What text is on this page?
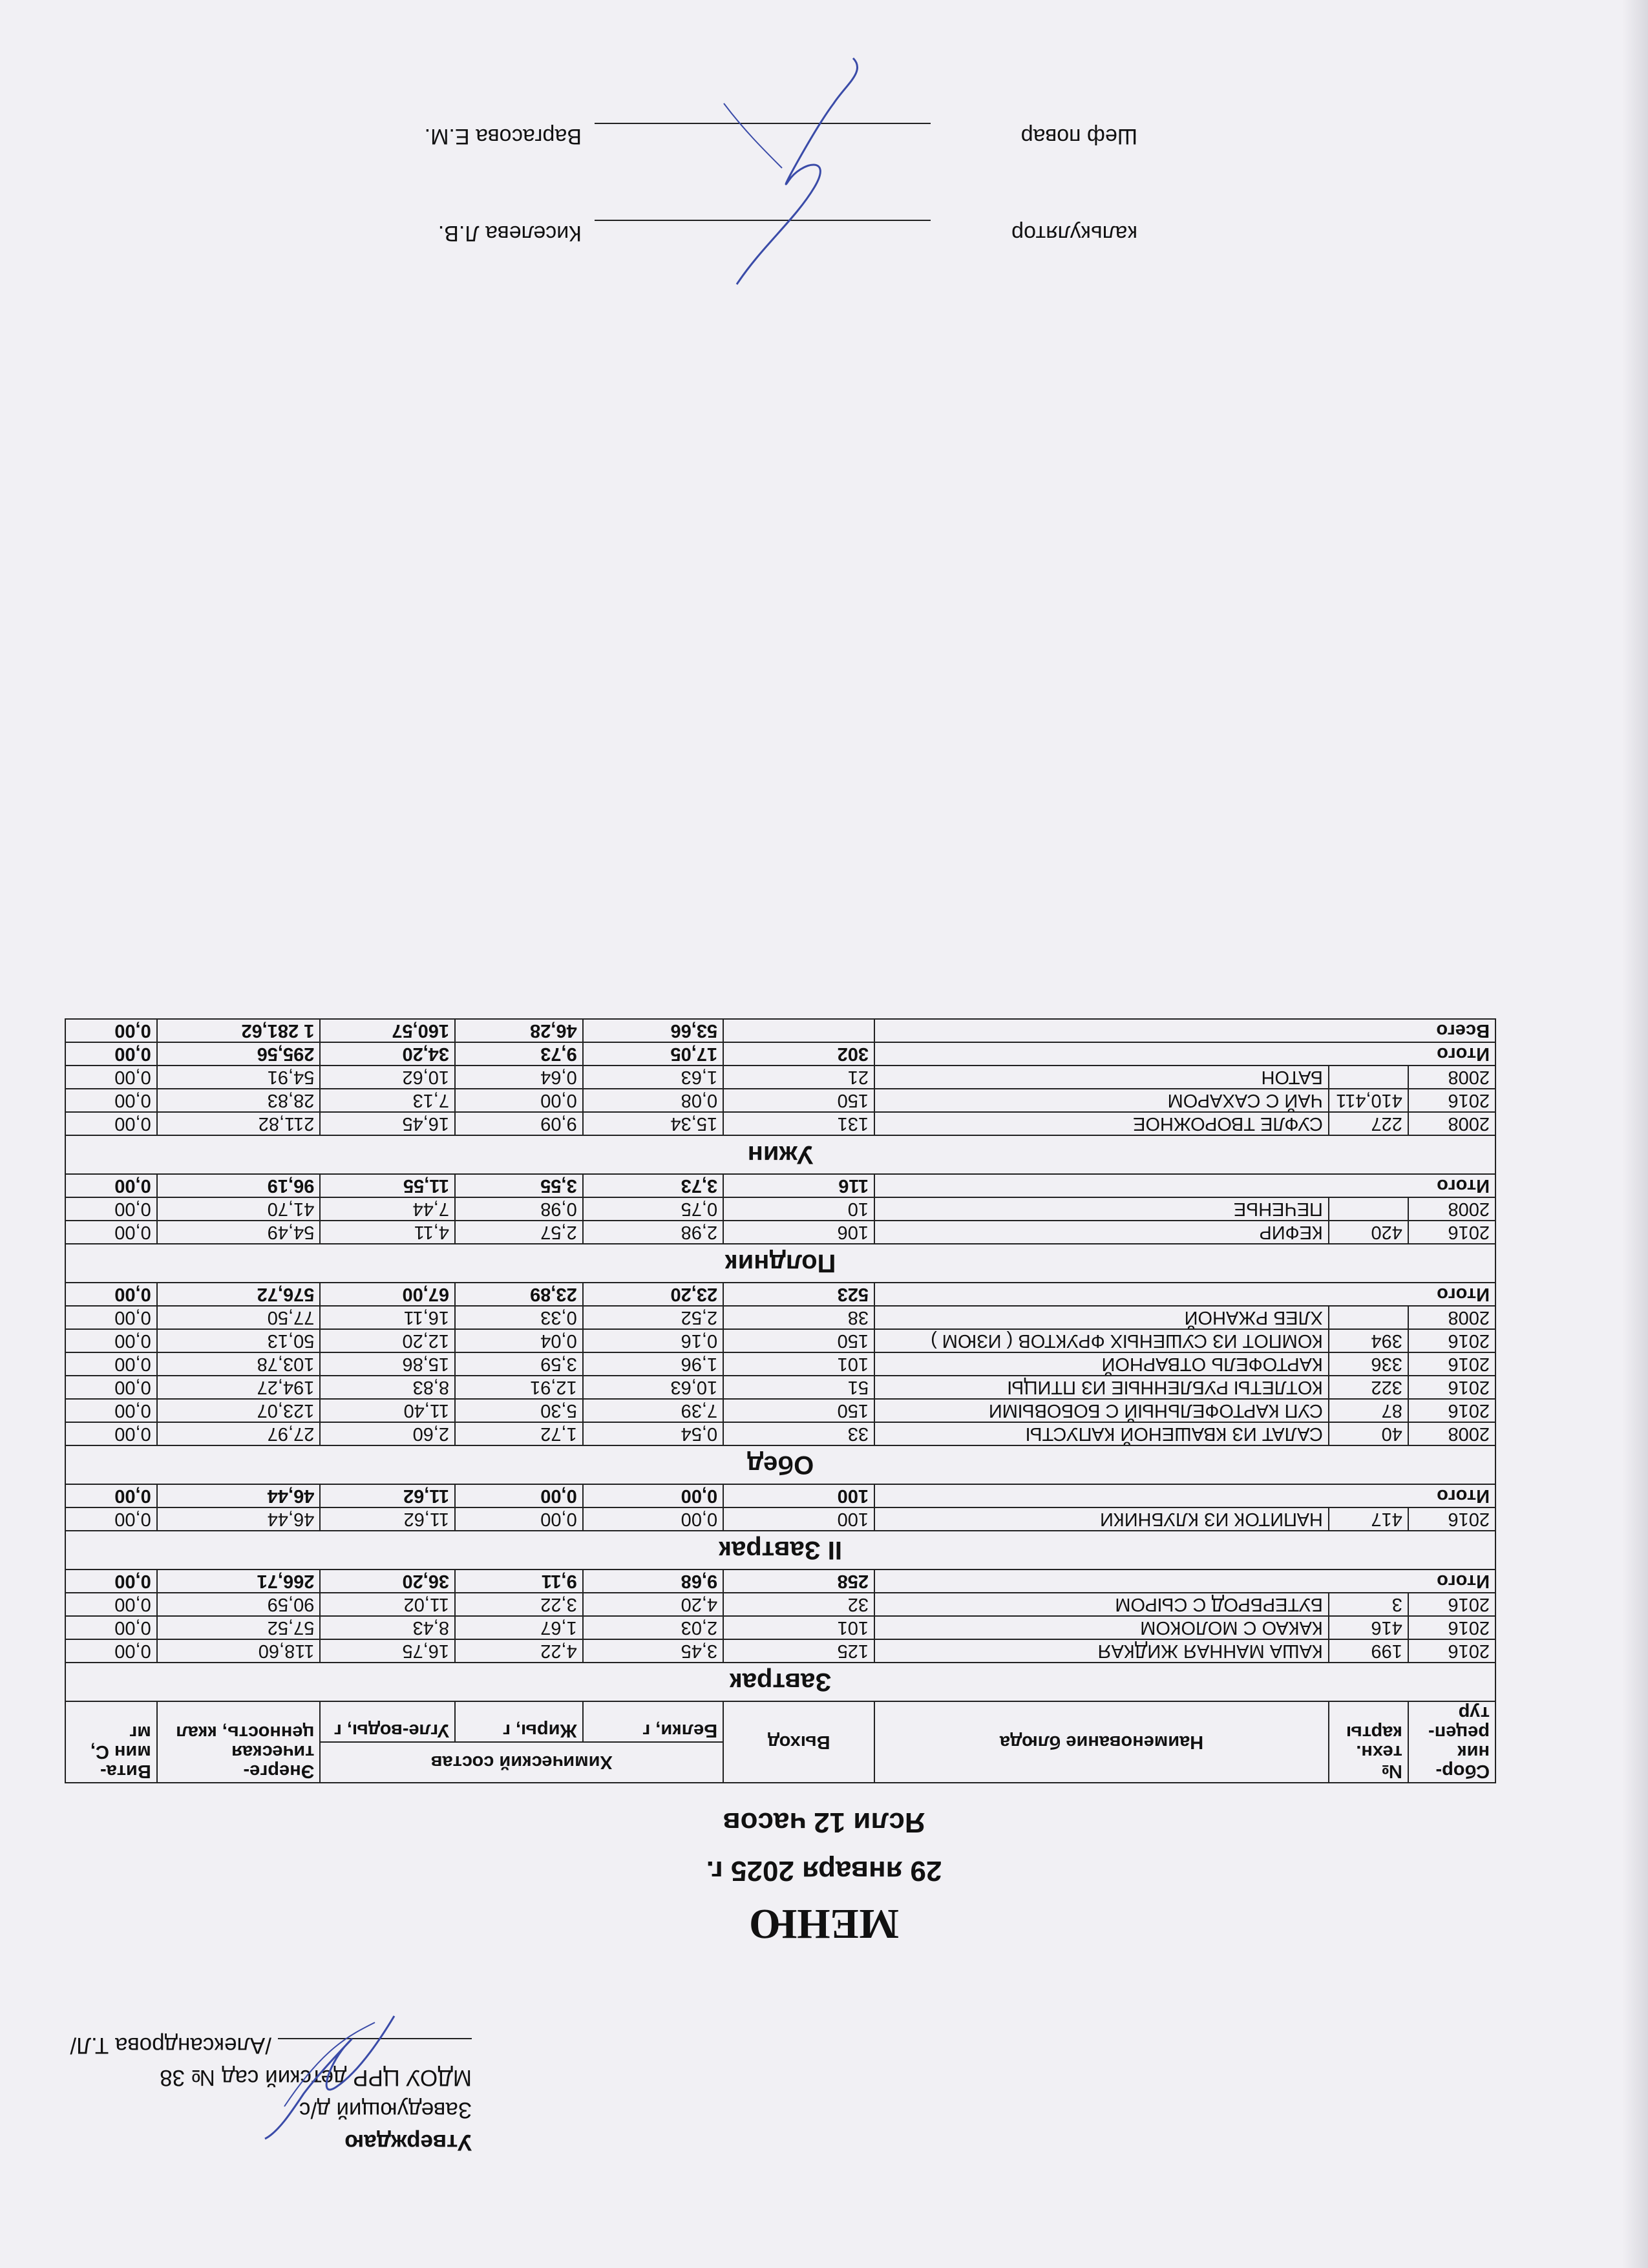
Утверждаю
Заведующий д/с
МДОУ ЦРР детский сад № 38
/Александрова Т.Л/
МЕНЮ
29 января 2025 г.
Ясли 12 часов
Сбор-ник рецеп-тур	№ техн. карты	Наименование блюда	Выход	Химический состав			Энерге-тическая ценность, ккал	Вита-мин С, мг
				Белки, г	Жиры, г	Угле-воды, г		
Завтрак								
2016	199	КАША МАННАЯ ЖИДКАЯ	125	3,45	4,22	16,75	118,60	0,00
2016	416	КАКАО С МОЛОКОМ	101	2,03	1,67	8,43	57,52	0,00
2016	3	БУТЕРБРОД С СЫРОМ	32	4,20	3,22	11,02	90,59	0,00
Итого			258	9,68	9,11	36,20	266,71	0,00
II Завтрак								
2016	417	НАПИТОК ИЗ КЛУБНИКИ	100	0,00	0,00	11,62	46,44	0,00
Итого			100	0,00	0,00	11,62	46,44	0,00
Обед								
2008	40	САЛАТ ИЗ КВАШЕНОЙ КАПУСТЫ	33	0,54	1,72	2,60	27,97	0,00
2016	87	СУП КАРТОФЕЛЬНЫЙ С БОБОВЫМИ	150	7,39	5,30	11,40	123,07	0,00
2016	322	КОТЛЕТЫ РУБЛЕННЫЕ ИЗ ПТИЦЫ	51	10,63	12,91	8,83	194,27	0,00
2016	336	КАРТОФЕЛЬ ОТВАРНОЙ	101	1,96	3,59	15,86	103,78	0,00
2016	394	КОМПОТ ИЗ СУШЕНЫХ ФРУКТОВ ( ИЗЮМ )	150	0,16	0,04	12,20	50,13	0,00
2008		ХЛЕБ РЖАНОЙ	38	2,52	0,33	16,11	77,50	0,00
Итого			523	23,20	23,89	67,00	576,72	0,00
Полдник								
2016	420	КЕФИР	106	2,98	2,57	4,11	54,49	0,00
2008		ПЕЧЕНЬЕ	10	0,75	0,98	7,44	41,70	0,00
Итого			116	3,73	3,55	11,55	96,19	0,00
Ужин								
2008	227	СУФЛЕ ТВОРОЖНОЕ	131	15,34	9,09	16,45	211,82	0,00
2016	410,411	ЧАЙ С САХАРОМ	150	0,08	0,00	7,13	28,83	0,00
2008		БАТОН	21	1,63	0,64	10,62	54,91	0,00
Итого			302	17,05	9,73	34,20	295,56	0,00
Всего				53,66	46,28	160,57	1 281,62	0,00
калькулятор
Киселева Л.В.
Шеф повар
Варгасова Е.М.
